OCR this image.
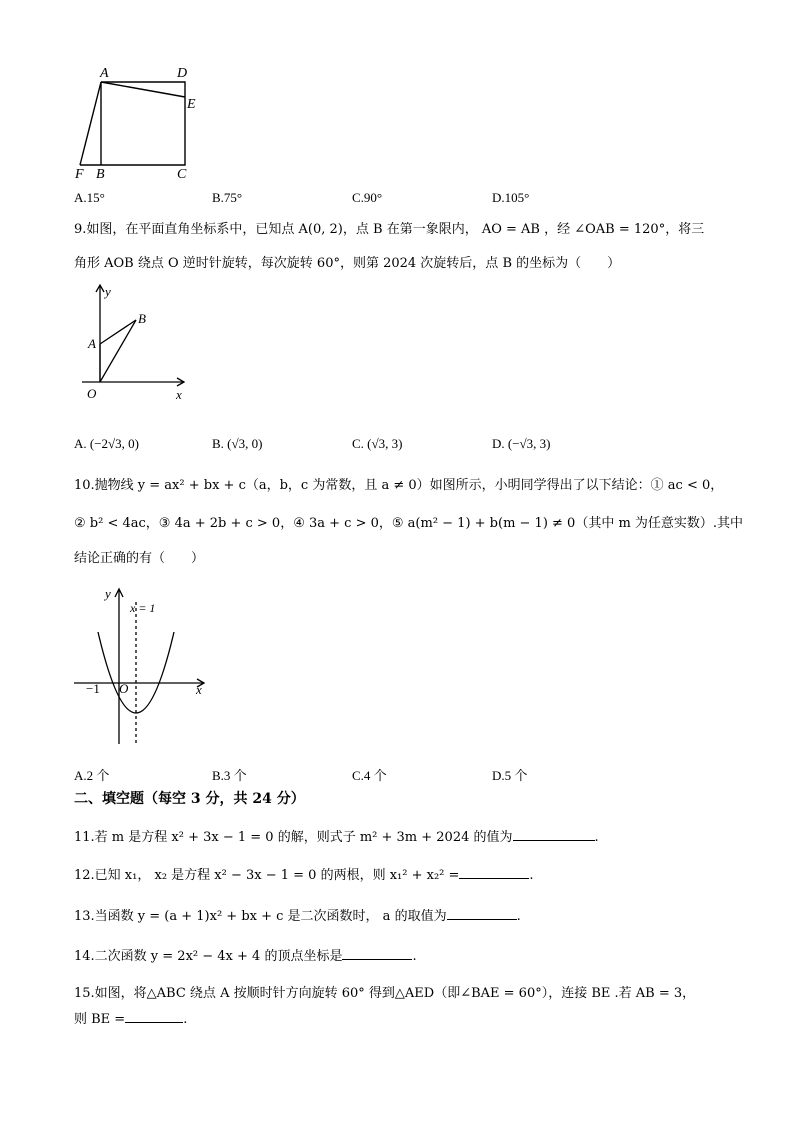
A	D
E
F B	C
A.15°	B.75°	C.90°	D.105°
9.如图，在平面直角坐标系中，已知点 A(0, 2)，点 B 在第一象限内， AO = AB ，经 ∠OAB = 120°，将三
角形 AOB 绕点 O 逆时针旋转，每次旋转 60°，则第 2024 次旋转后，点 B 的坐标为（　　）
y
B
A
O	x
A. (−2√3, 0)	B. (√3, 0)	C. (√3, 3)	D. (−√3, 3)
10.抛物线 y = ax² + bx + c（a，b，c 为常数，且 a ≠ 0）如图所示，小明同学得出了以下结论：① ac < 0，
② b² < 4ac，③ 4a + 2b + c > 0，④ 3a + c > 0，⑤ a(m² − 1) + b(m − 1) ≠ 0（其中 m 为任意实数）.其中
结论正确的有（　　）
y
x = 1
−1 O	x
A.2 个	B.3 个	C.4 个	D.5 个
二、填空题（每空 3 分，共 24 分）
11.若 m 是方程 x² + 3x − 1 = 0 的解，则式子 m² + 3m + 2024 的值为	.
12.已知 x₁， x₂ 是方程 x² − 3x − 1 = 0 的两根，则 x₁² + x₂² =	.
13.当函数 y = (a + 1)x² + bx + c 是二次函数时， a 的取值为	.
14.二次函数 y = 2x² − 4x + 4 的顶点坐标是	.
15.如图，将△ABC 绕点 A 按顺时针方向旋转 60° 得到△AED（即∠BAE = 60°），连接 BE .若 AB = 3，
则 BE =	.
